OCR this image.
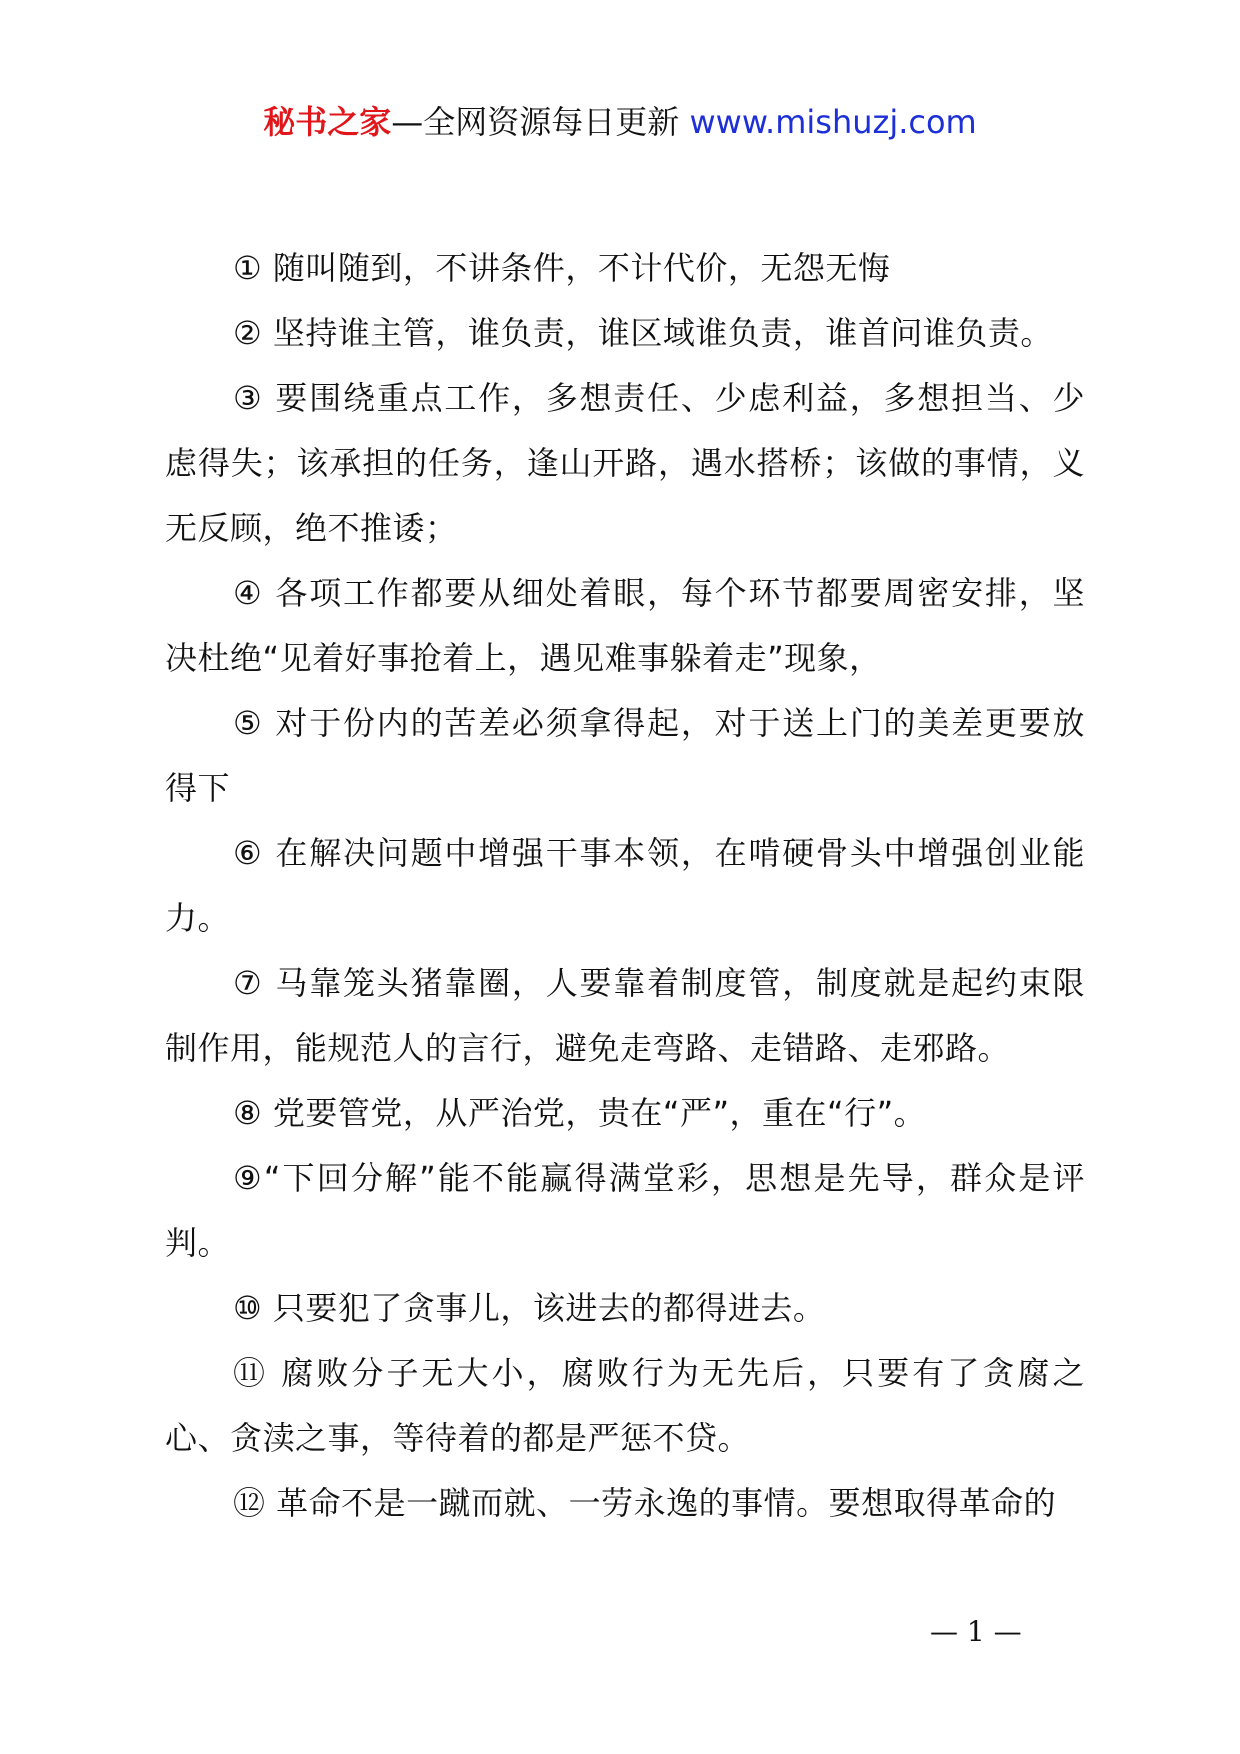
秘书之家—全网资源每日更新 www.mishuzj.com

① 随叫随到，不讲条件，不计代价，无怨无悔

② 坚持谁主管，谁负责，谁区域谁负责，谁首问谁负责。

③ 要围绕重点工作，多想责任、少虑利益，多想担当、少虑得失；该承担的任务，逢山开路，遇水搭桥；该做的事情，义无反顾，绝不推诿；

④ 各项工作都要从细处着眼，每个环节都要周密安排，坚决杜绝“见着好事抢着上，遇见难事躲着走”现象，

⑤ 对于份内的苦差必须拿得起，对于送上门的美差更要放得下

⑥ 在解决问题中增强干事本领，在啃硬骨头中增强创业能力。

⑦ 马靠笼头猪靠圈，人要靠着制度管，制度就是起约束限制作用，能规范人的言行，避免走弯路、走错路、走邪路。

⑧ 党要管党，从严治党，贵在“严”，重在“行”。

⑨“下回分解”能不能赢得满堂彩，思想是先导，群众是评判。

⑩ 只要犯了贪事儿，该进去的都得进去。

⑪ 腐败分子无大小，腐败行为无先后，只要有了贪腐之心、贪渎之事，等待着的都是严惩不贷。

⑫ 革命不是一蹴而就、一劳永逸的事情。要想取得革命的

— 1 —
